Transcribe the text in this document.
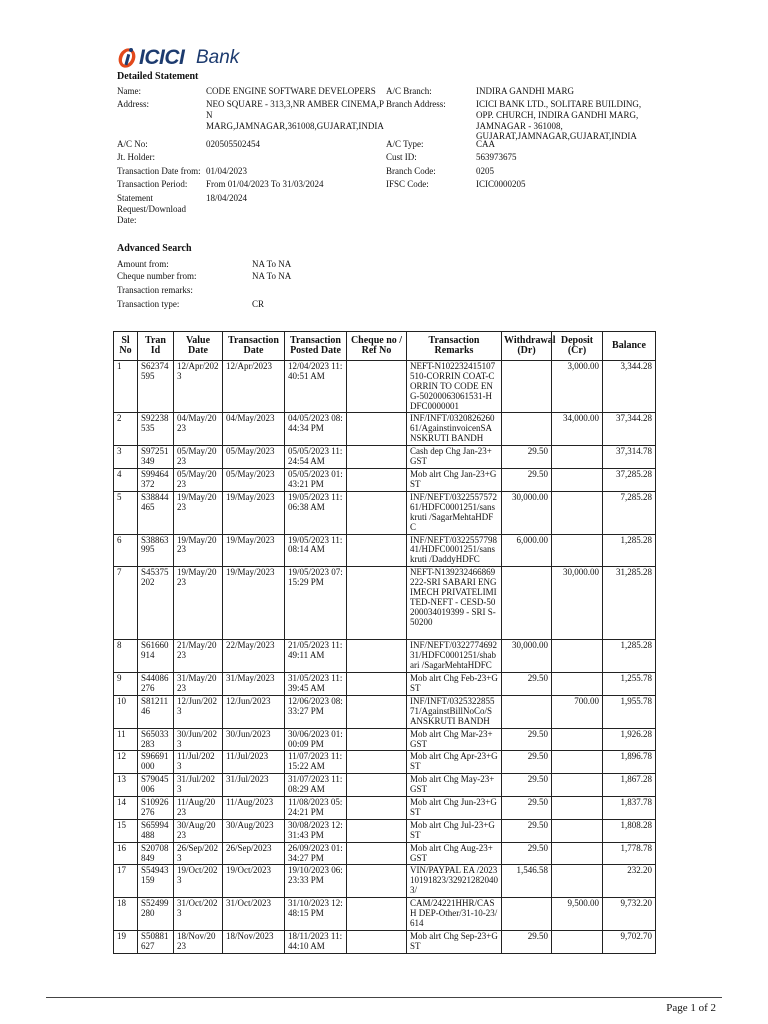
ICICI Bank
Detailed Statement
Name:	CODE ENGINE SOFTWARE DEVELOPERS
Address:	NEO SQUARE - 313,3,NR AMBER CINEMA,P N MARG,JAMNAGAR,361008,GUJARAT,INDIA
A/C No:	020505502454
Jt. Holder:
Transaction Date from: 01/04/2023
Transaction Period: From 01/04/2023 To 31/03/2024
Statement Request/Download Date:
18/04/2024
A/C Branch:	INDIRA GANDHI MARG
Branch Address:	ICICI BANK LTD., SOLITARE BUILDING, OPP. CHURCH, INDIRA GANDHI MARG, JAMNAGAR - 361008, GUJARAT,JAMNAGAR,GUJARAT,INDIA
A/C Type:	CAA
Cust ID:	563973675
Branch Code:	0205
IFSC Code:	ICIC0000205
Advanced Search
Amount from:	NA To NA
Cheque number from:	NA To NA
Transaction remarks:
Transaction type:	CR
Sl No	Tran Id	Value Date	Transaction Date	Transaction Posted Date	Cheque no / Ref No	Transaction Remarks	Withdrawal (Dr)	Deposit (Cr)	Balance
1	S62374595	12/Apr/2023	12/Apr/2023	12/04/2023 11:40:51 AM		NEFT-N102232415107510-CORRIN COAT-CORRIN TO CODE ENG-50200063061531-HDFC0000001		3,000.00	3,344.28
2	S92238535	04/May/2023	04/May/2023	04/05/2023 08:44:34 PM		INF/INFT/032082626061/AgainstinvoicenSANSKRUTI BANDH		34,000.00	37,344.28
3	S97251349	05/May/2023	05/May/2023	05/05/2023 11:24:54 AM		Cash dep Chg Jan-23+GST	29.50		37,314.78
4	S99464372	05/May/2023	05/May/2023	05/05/2023 01:43:21 PM		Mob alrt Chg Jan-23+GST	29.50		37,285.28
5	S38844465	19/May/2023	19/May/2023	19/05/2023 11:06:38 AM		INF/NEFT/032255757261/HDFC0001251/sans kruti /SagarMehtaHDFC	30,000.00		7,285.28
6	S38863995	19/May/2023	19/May/2023	19/05/2023 11:08:14 AM		INF/NEFT/032255779841/HDFC0001251/sans kruti /DaddyHDFC	6,000.00		1,285.28
7	S45375202	19/May/2023	19/May/2023	19/05/2023 07:15:29 PM		NEFT-N139232466869222-SRI SABARI ENGIMECH PRIVATELIMITED-NEFT - CESD-50200034019399 - SRI S-50200		30,000.00	31,285.28
8	S61660914	21/May/2023	22/May/2023	21/05/2023 11:49:11 AM		INF/NEFT/032277469231/HDFC0001251/shab ari /SagarMehtaHDFC	30,000.00		1,285.28
9	S44086276	31/May/2023	31/May/2023	31/05/2023 11:39:45 AM		Mob alrt Chg Feb-23+GST	29.50		1,255.78
10	S8121146	12/Jun/2023	12/Jun/2023	12/06/2023 08:33:27 PM		INF/INFT/032532285571/AgainstBillNoCo/SANSKRUTI BANDH		700.00	1,955.78
11	S65033283	30/Jun/2023	30/Jun/2023	30/06/2023 01:00:09 PM		Mob alrt Chg Mar-23+GST	29.50		1,926.28
12	S96691000	11/Jul/2023	11/Jul/2023	11/07/2023 11:15:22 AM		Mob alrt Chg Apr-23+GST	29.50		1,896.78
13	S79045006	31/Jul/2023	31/Jul/2023	31/07/2023 11:08:29 AM		Mob alrt Chg May-23+GST	29.50		1,867.28
14	S10926276	11/Aug/2023	11/Aug/2023	11/08/2023 05:24:21 PM		Mob alrt Chg Jun-23+GST	29.50		1,837.78
15	S65994488	30/Aug/2023	30/Aug/2023	30/08/2023 12:31:43 PM		Mob alrt Chg Jul-23+GST	29.50		1,808.28
16	S20708849	26/Sep/2023	26/Sep/2023	26/09/2023 01:34:27 PM		Mob alrt Chg Aug-23+GST	29.50		1,778.78
17	S54943159	19/Oct/2023	19/Oct/2023	19/10/2023 06:23:33 PM		VIN/PAYPAL EA /202310191823/329212820403/	1,546.58		232.20
18	S52499280	31/Oct/2023	31/Oct/2023	31/10/2023 12:48:15 PM		CAM/24221HHR/CASH DEP-Other/31-10-23/614		9,500.00	9,732.20
19	S50881627	18/Nov/2023	18/Nov/2023	18/11/2023 11:44:10 AM		Mob alrt Chg Sep-23+GST	29.50		9,702.70
Page 1 of 2
